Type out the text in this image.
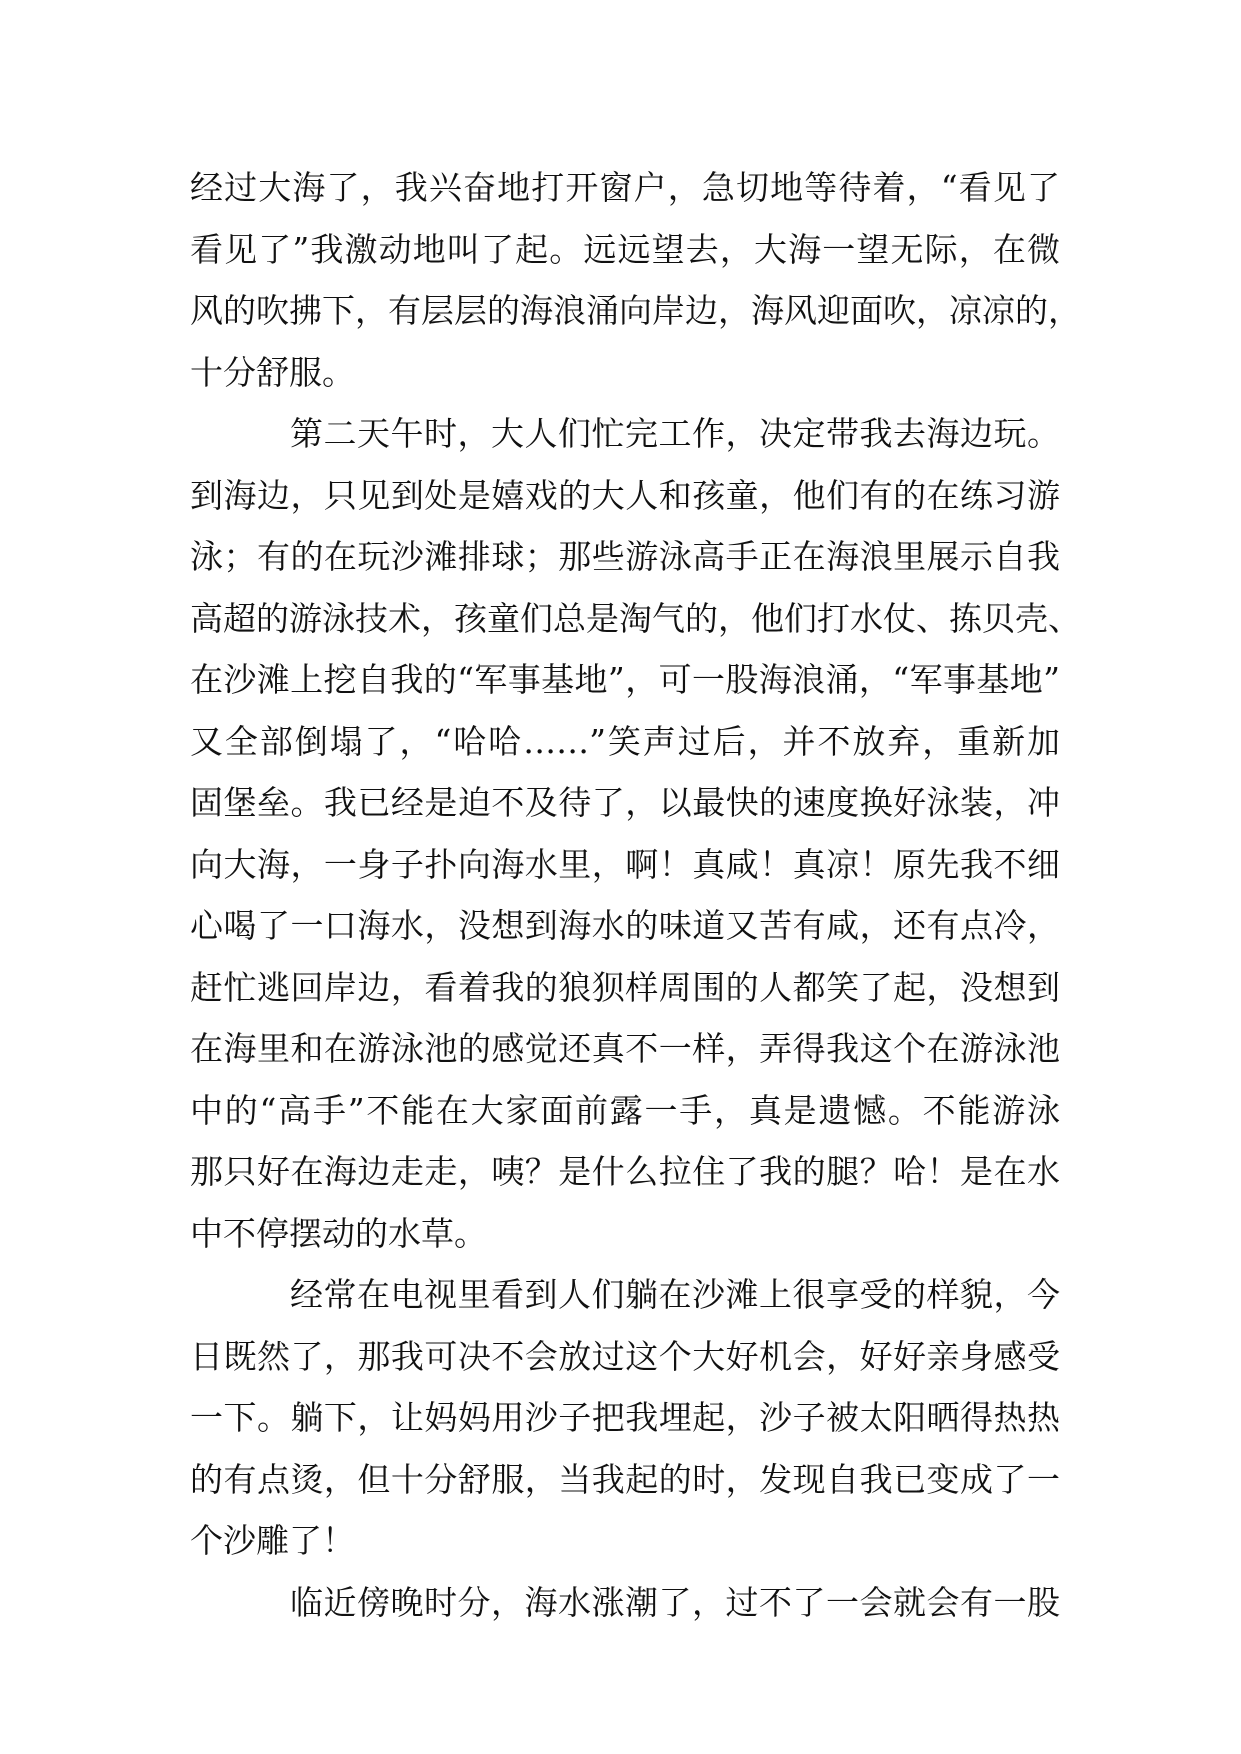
经过大海了，我兴奋地打开窗户，急切地等待着，“看见了
看见了”我激动地叫了起。远远望去，大海一望无际，在微
风的吹拂下，有层层的海浪涌向岸边，海风迎面吹，凉凉的，
十分舒服。
第二天午时，大人们忙完工作，决定带我去海边玩。
到海边，只见到处是嬉戏的大人和孩童，他们有的在练习游
泳；有的在玩沙滩排球；那些游泳高手正在海浪里展示自我
高超的游泳技术，孩童们总是淘气的，他们打水仗、拣贝壳、
在沙滩上挖自我的“军事基地”，可一股海浪涌，“军事基地”
又全部倒塌了，“哈哈……”笑声过后，并不放弃，重新加
固堡垒。我已经是迫不及待了，以最快的速度换好泳装，冲
向大海，一身子扑向海水里，啊！真咸！真凉！原先我不细
心喝了一口海水，没想到海水的味道又苦有咸，还有点冷，
赶忙逃回岸边，看着我的狼狈样周围的人都笑了起，没想到
在海里和在游泳池的感觉还真不一样，弄得我这个在游泳池
中的“高手”不能在大家面前露一手，真是遗憾。不能游泳
那只好在海边走走，咦？是什么拉住了我的腿？哈！是在水
中不停摆动的水草。
经常在电视里看到人们躺在沙滩上很享受的样貌，今
日既然了，那我可决不会放过这个大好机会，好好亲身感受
一下。躺下，让妈妈用沙子把我埋起，沙子被太阳晒得热热
的有点烫，但十分舒服，当我起的时，发现自我已变成了一
个沙雕了！
临近傍晚时分，海水涨潮了，过不了一会就会有一股
